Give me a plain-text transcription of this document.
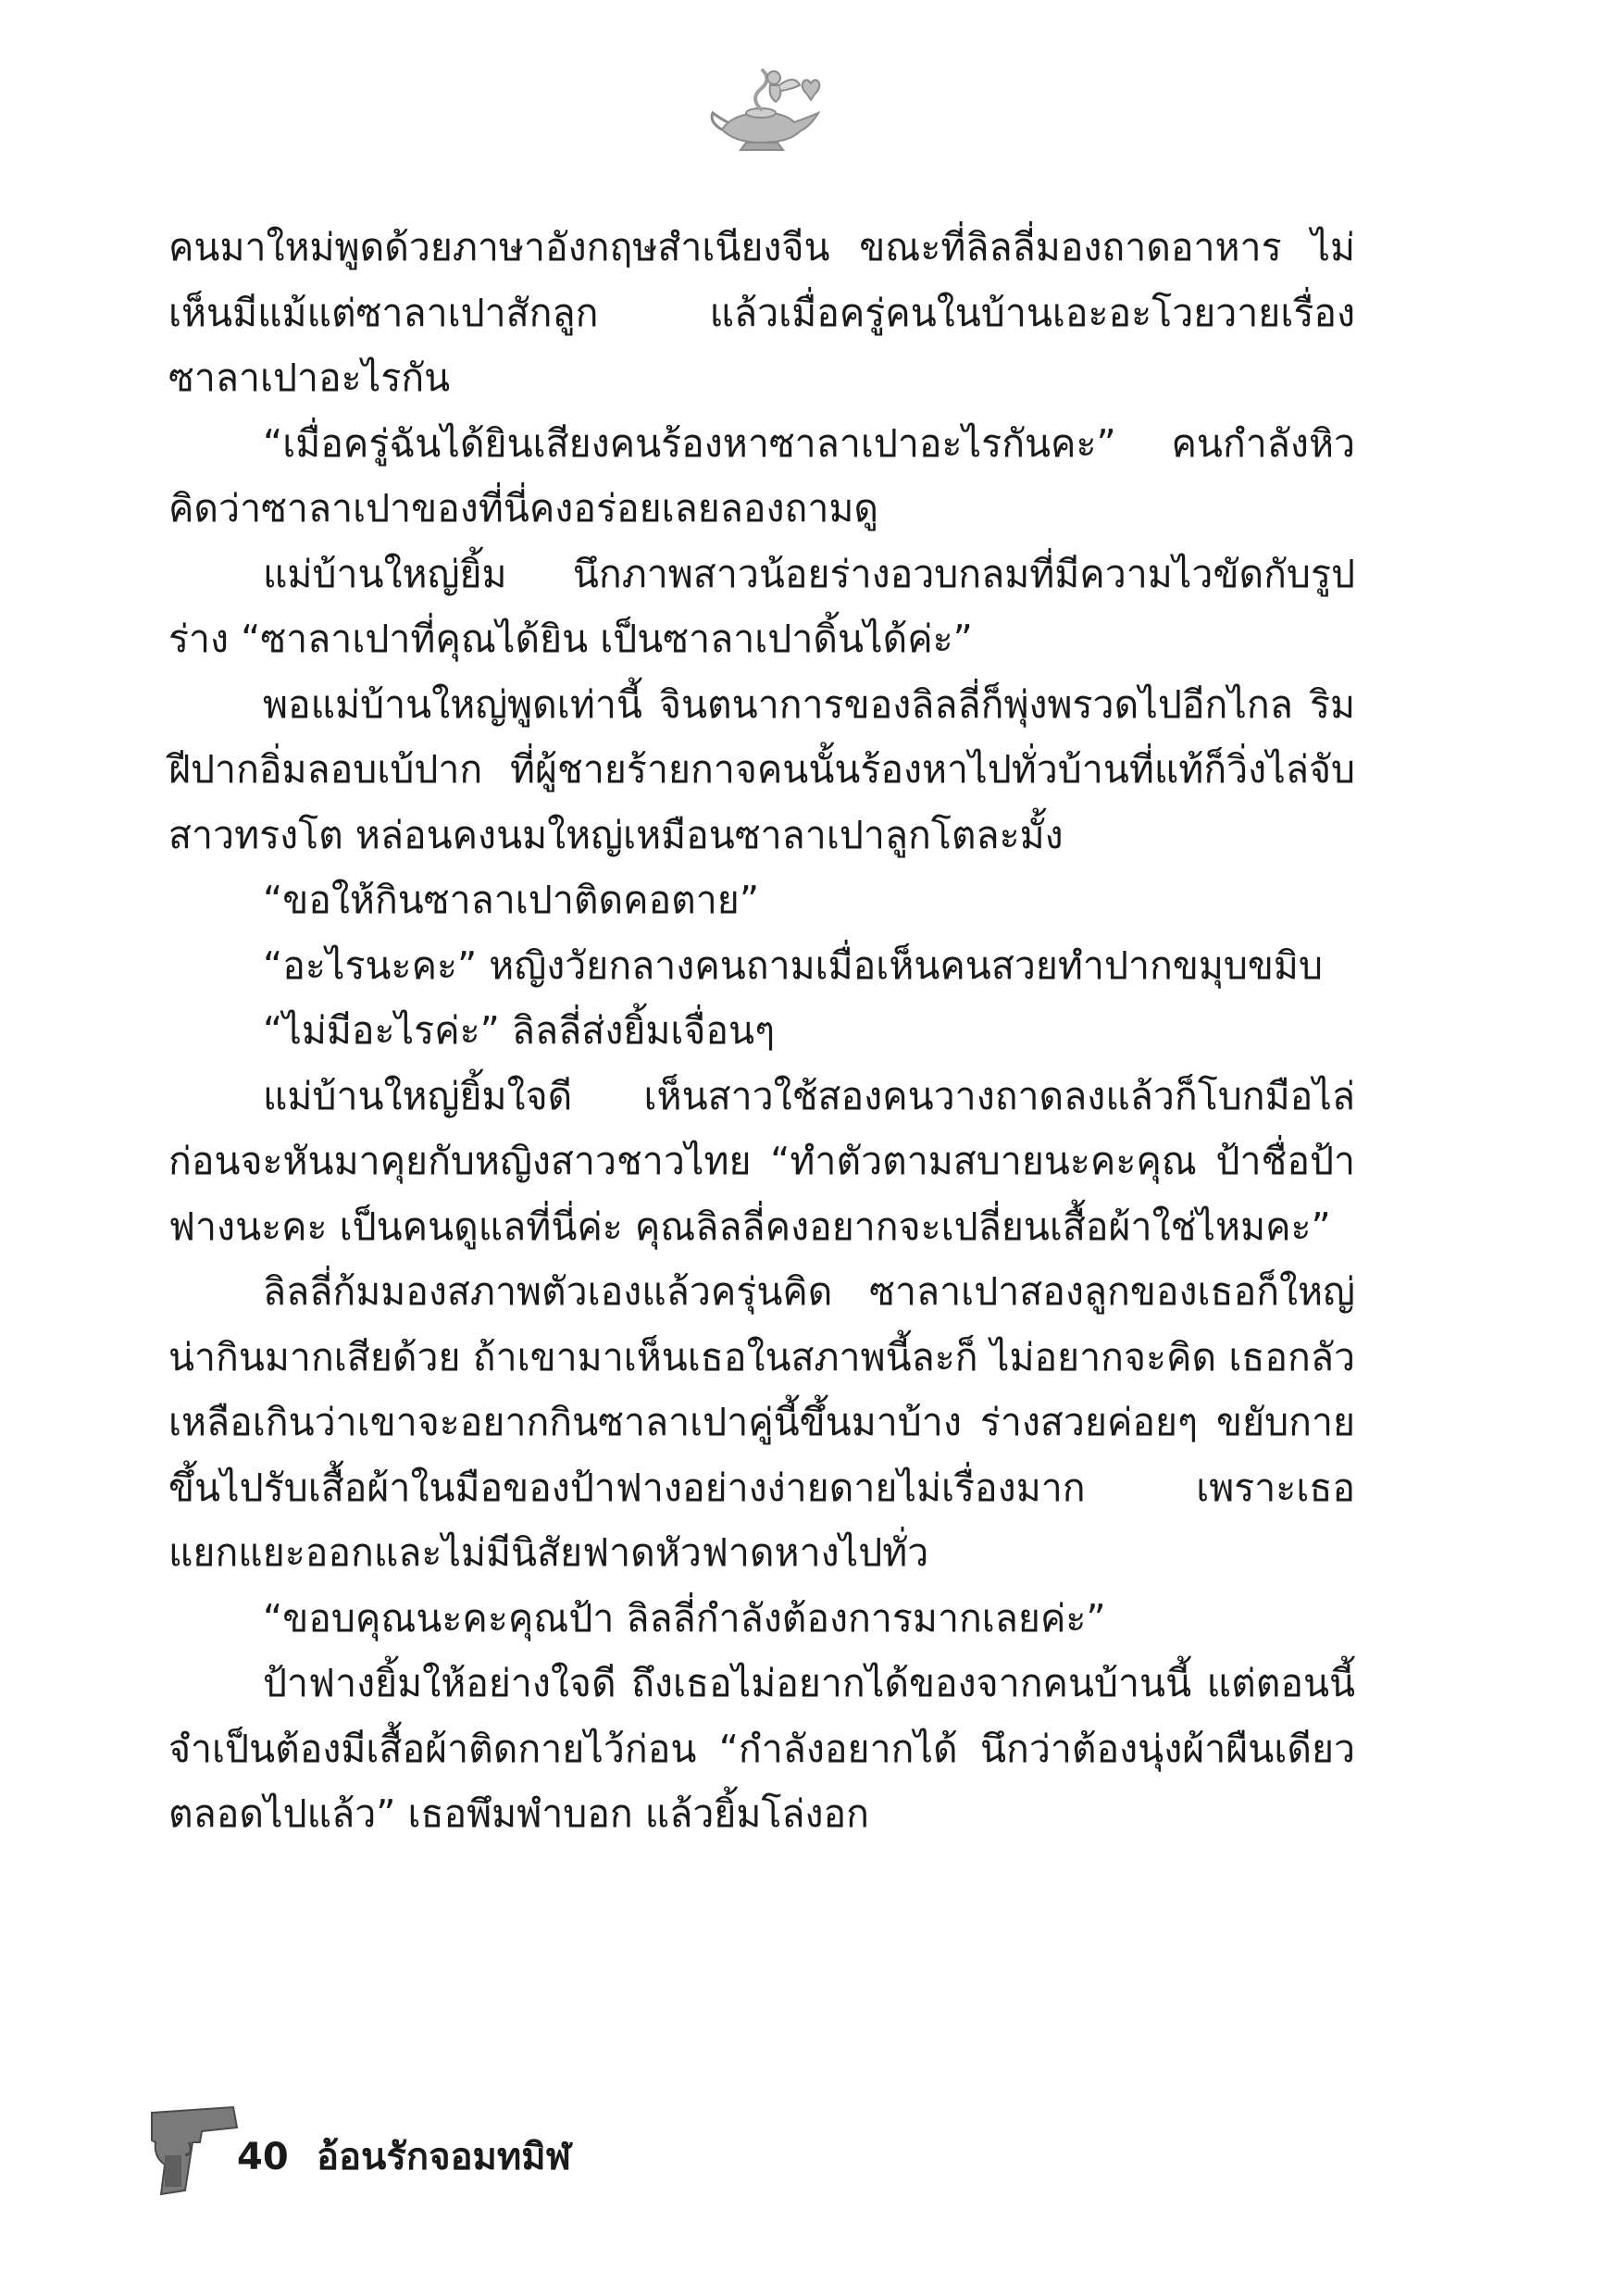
คนมาใหม่พูดด้วยภาษาอังกฤษสำเนียงจีน ขณะที่ลิลลี่มองถาดอาหาร ไม่เห็นมีแม้แต่ซาลาเปาสักลูก แล้วเมื่อครู่คนในบ้านเอะอะโวยวายเรื่องซาลาเปาอะไรกัน

“เมื่อครู่ฉันได้ยินเสียงคนร้องหาซาลาเปาอะไรกันคะ” คนกำลังหิวคิดว่าซาลาเปาของที่นี่คงอร่อยเลยลองถามดู

แม่บ้านใหญ่ยิ้ม นึกภาพสาวน้อยร่างอวบกลมที่มีความไวขัดกับรูปร่าง “ซาลาเปาที่คุณได้ยิน เป็นซาลาเปาดิ้นได้ค่ะ”

พอแม่บ้านใหญ่พูดเท่านี้ จินตนาการของลิลลี่ก็พุ่งพรวดไปอีกไกล ริมฝีปากอิ่มลอบเบ้ปาก ที่ผู้ชายร้ายกาจคนนั้นร้องหาไปทั่วบ้านที่แท้ก็วิ่งไล่จับสาวทรงโต หล่อนคงนมใหญ่เหมือนซาลาเปาลูกโตละมั้ง

“ขอให้กินซาลาเปาติดคอตาย”

“อะไรนะคะ” หญิงวัยกลางคนถามเมื่อเห็นคนสวยทำปากขมุบขมิบ

“ไม่มีอะไรค่ะ” ลิลลี่ส่งยิ้มเจื่อนๆ

แม่บ้านใหญ่ยิ้มใจดี เห็นสาวใช้สองคนวางถาดลงแล้วก็โบกมือไล่ก่อนจะหันมาคุยกับหญิงสาวชาวไทย “ทำตัวตามสบายนะคะคุณ ป้าชื่อป้าฟางนะคะ เป็นคนดูแลที่นี่ค่ะ คุณลิลลี่คงอยากจะเปลี่ยนเสื้อผ้าใช่ไหมคะ”

ลิลลี่ก้มมองสภาพตัวเองแล้วครุ่นคิด ซาลาเปาสองลูกของเธอก็ใหญ่น่ากินมากเสียด้วย ถ้าเขามาเห็นเธอในสภาพนี้ละก็ ไม่อยากจะคิด เธอกลัวเหลือเกินว่าเขาจะอยากกินซาลาเปาคู่นี้ขึ้นมาบ้าง ร่างสวยค่อยๆ ขยับกายขึ้นไปรับเสื้อผ้าในมือของป้าฟางอย่างง่ายดายไม่เรื่องมาก เพราะเธอแยกแยะออกและไม่มีนิสัยฟาดหัวฟาดหางไปทั่ว

“ขอบคุณนะคะคุณป้า ลิลลี่กำลังต้องการมากเลยค่ะ”

ป้าฟางยิ้มให้อย่างใจดี ถึงเธอไม่อยากได้ของจากคนบ้านนี้ แต่ตอนนี้จำเป็นต้องมีเสื้อผ้าติดกายไว้ก่อน “กำลังอยากได้ นึกว่าต้องนุ่งผ้าผืนเดียวตลอดไปแล้ว” เธอพึมพำบอก แล้วยิ้มโล่งอก

40 อ้อนรักจอมทมิฬ
